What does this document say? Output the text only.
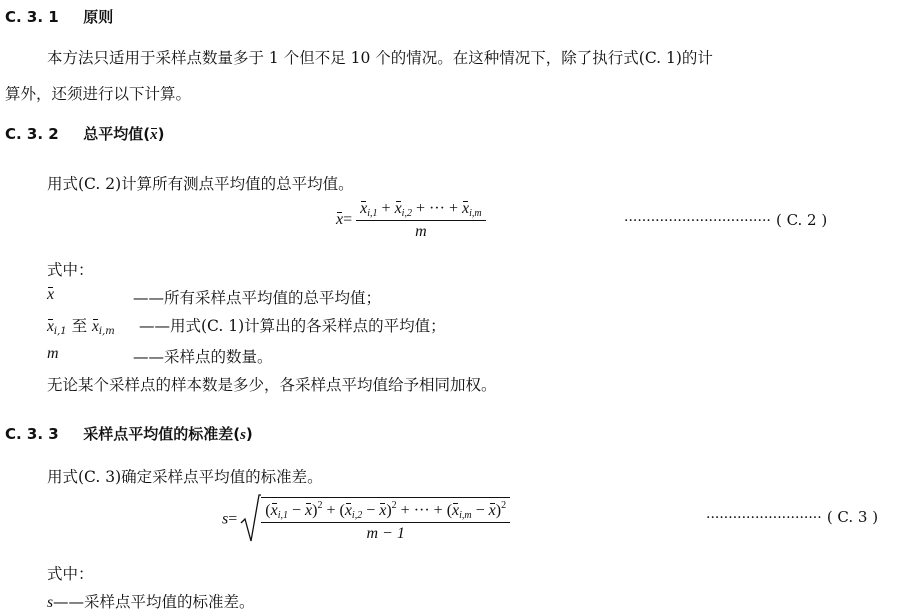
C. 3. 1 原则
本方法只适用于采样点数量多于 1 个但不足 10 个的情况。在这种情况下，除了执行式(C. 1)的计
算外，还须进行以下计算。
C. 3. 2 总平均值(x)
用式(C. 2)计算所有测点平均值的总平均值。
$x= \frac{x_{i,1} + x_{i,2} + \cdot\cdot\cdot + x_{i,m}}{m}$	································· ( C. 2 )
式中：
x	——所有采样点平均值的总平均值；
$x_{i,1}$ 至 $x_{i,m}$ ——用式(C. 1)计算出的各采样点的平均值；
m	——采样点的数量。
无论某个采样点的样本数是多少，各采样点平均值给予相同加权。
C. 3. 3 采样点平均值的标准差(s)
用式(C. 3)确定采样点平均值的标准差。
$s= \frac{(x_{i,1} - x)^2 + (x_{i,2} - x)^2 + \cdot\cdot\cdot + (x_{i,m} - x)^2}{m - 1}$	·························· ( C. 3 )
式中：
s——采样点平均值的标准差。
